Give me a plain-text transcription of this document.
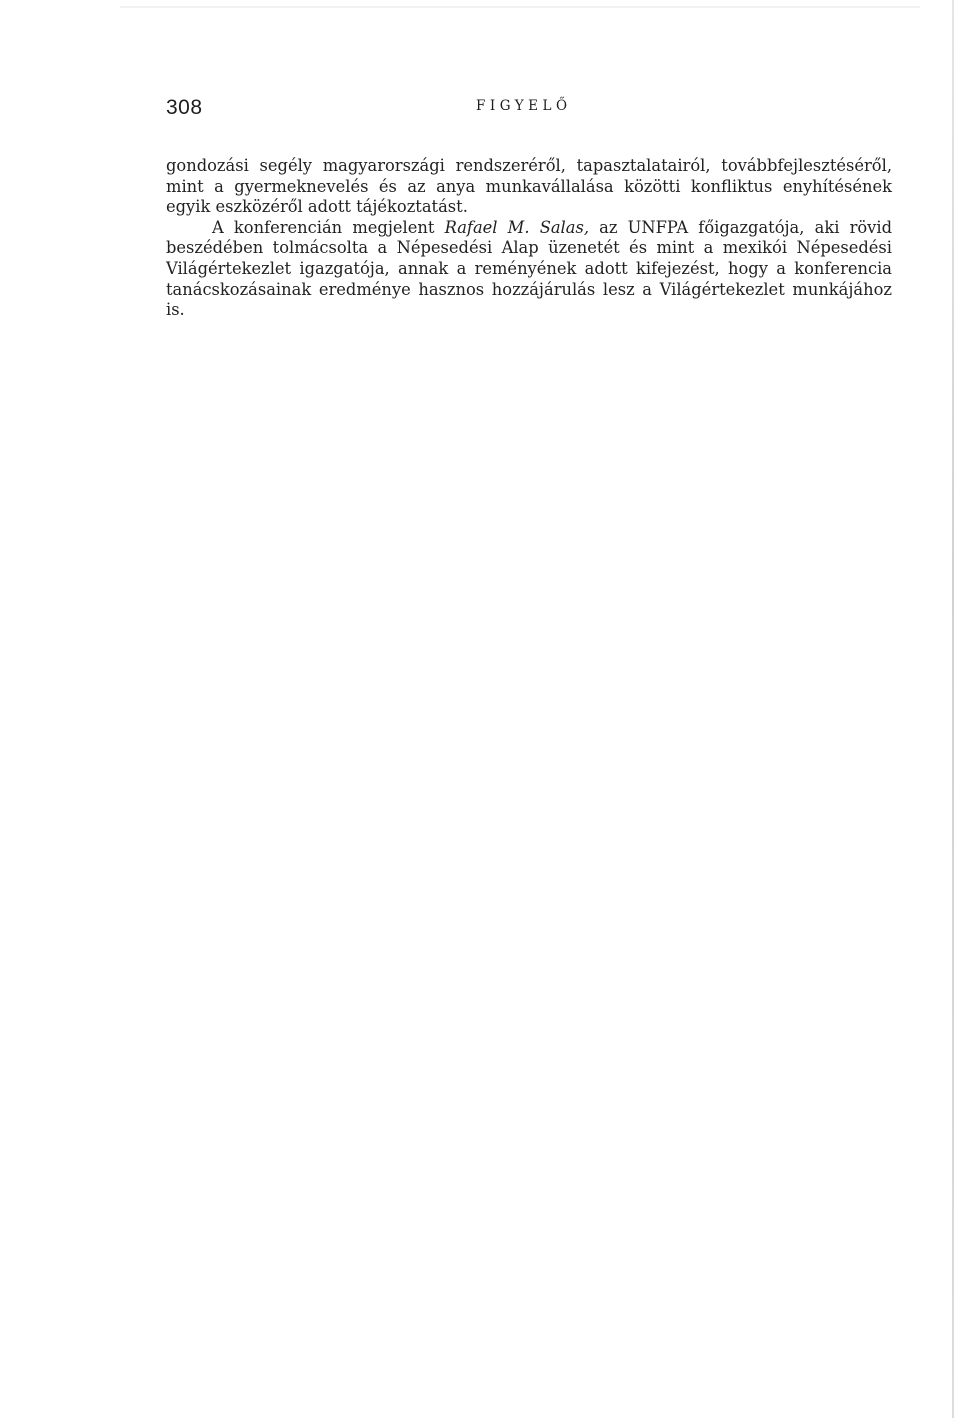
308	FIGYELŐ

gondozási segély magyarországi rendszeréről, tapasztalatairól, továbbfejlesztéséről, mint a gyermeknevelés és az anya munkavállalása közötti konfliktus enyhítésének egyik eszközéről adott tájékoztatást.

A konferencián megjelent Rafael M. Salas, az UNFPA főigazgatója, aki rövid beszédében tolmácsolta a Népesedési Alap üzenetét és mint a mexikói Népesedési Világértekezlet igazgatója, annak a reményének adott kifejezést, hogy a konferencia tanácskozásainak eredménye hasznos hozzájárulás lesz a Világértekezlet munkájához is.
